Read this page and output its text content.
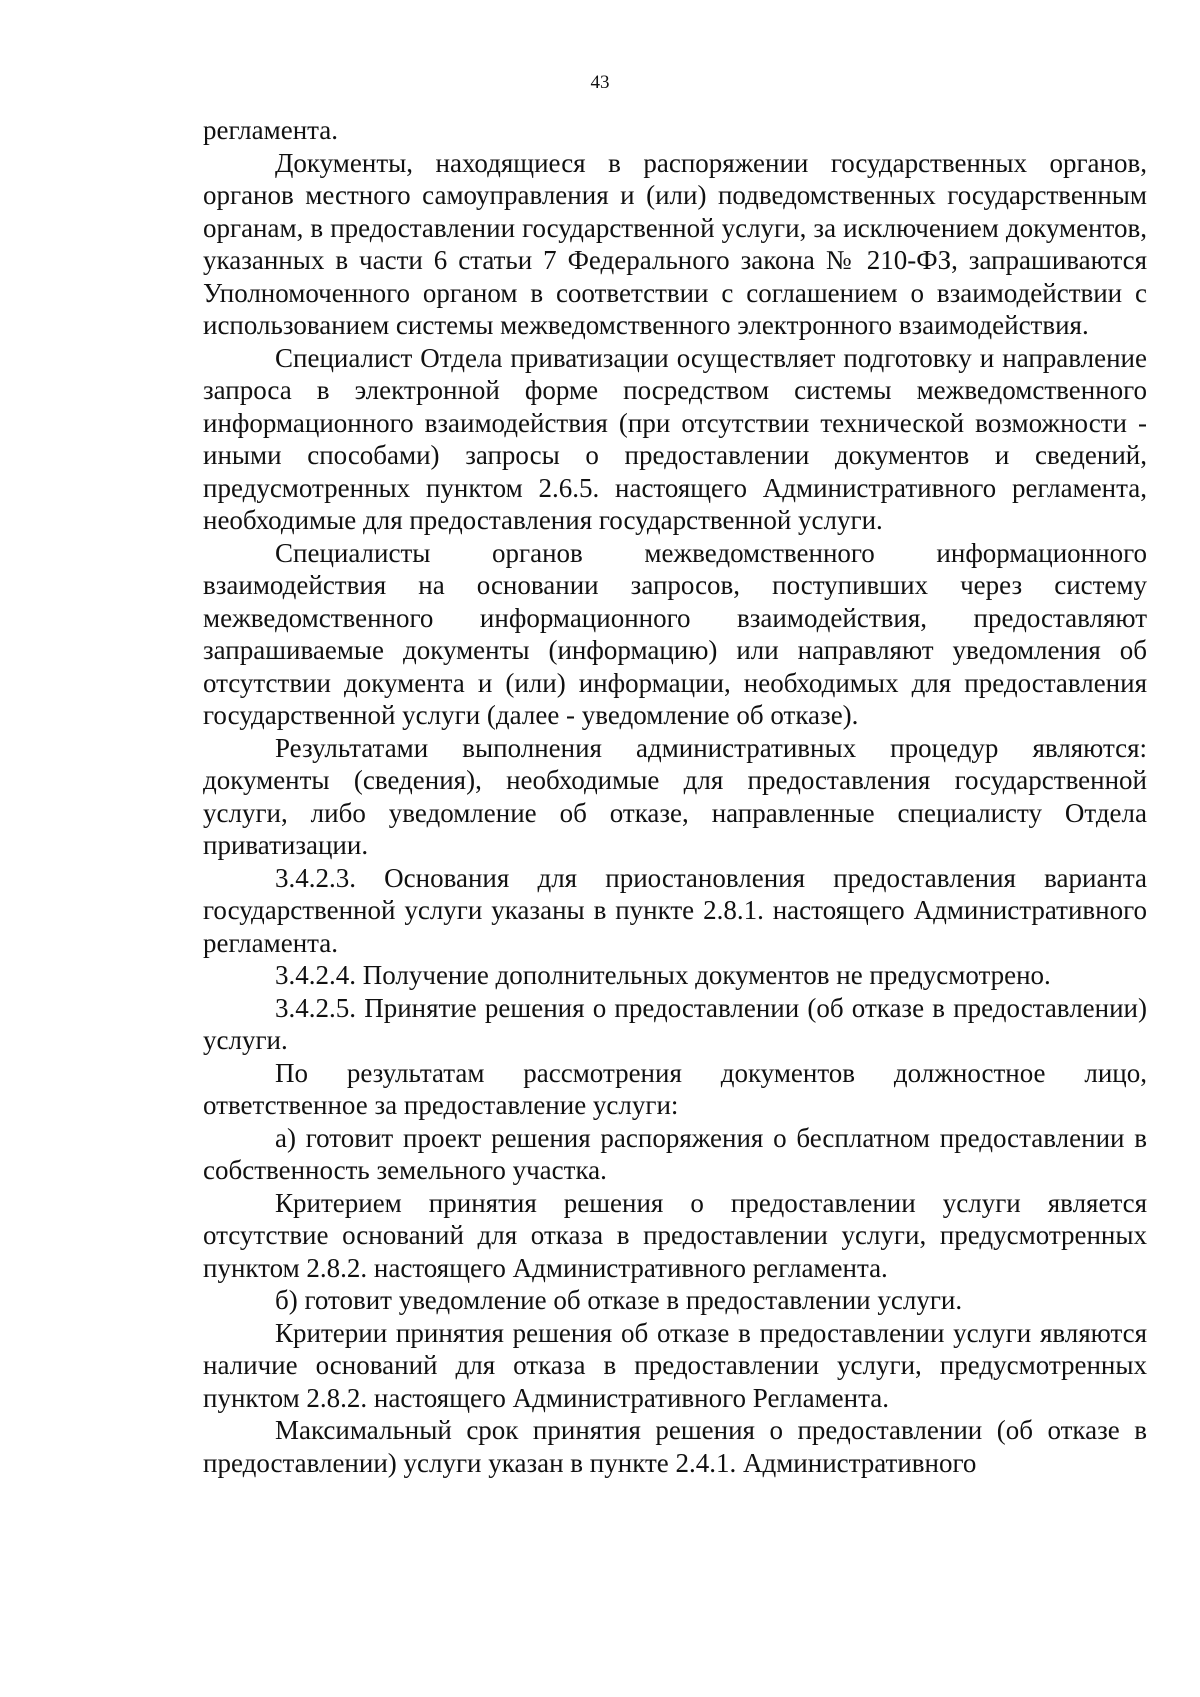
43

регламента.

Документы, находящиеся в распоряжении государственных органов, органов местного самоуправления и (или) подведомственных государственным органам, в предоставлении государственной услуги, за исключением документов, указанных в части 6 статьи 7 Федерального закона № 210-ФЗ, запрашиваются Уполномоченного органом в соответствии с соглашением о взаимодействии с использованием системы межведомственного электронного взаимодействия.

Специалист Отдела приватизации осуществляет подготовку и направление запроса в электронной форме посредством системы межведомственного информационного взаимодействия (при отсутствии технической возможности - иными способами) запросы о предоставлении документов и сведений, предусмотренных пунктом 2.6.5. настоящего Административного регламента, необходимые для предоставления государственной услуги.

Специалисты органов межведомственного информационного взаимодействия на основании запросов, поступивших через систему межведомственного информационного взаимодействия, предоставляют запрашиваемые документы (информацию) или направляют уведомления об отсутствии документа и (или) информации, необходимых для предоставления государственной услуги (далее - уведомление об отказе).

Результатами выполнения административных процедур являются: документы (сведения), необходимые для предоставления государственной услуги, либо уведомление об отказе, направленные специалисту Отдела приватизации.

3.4.2.3. Основания для приостановления предоставления варианта государственной услуги указаны в пункте 2.8.1. настоящего Административного регламента.

3.4.2.4. Получение дополнительных документов не предусмотрено.

3.4.2.5. Принятие решения о предоставлении (об отказе в предоставлении) услуги.

По результатам рассмотрения документов должностное лицо, ответственное за предоставление услуги:

а) готовит проект решения распоряжения о бесплатном предоставлении в собственность земельного участка.

Критерием принятия решения о предоставлении услуги является отсутствие оснований для отказа в предоставлении услуги, предусмотренных пунктом 2.8.2. настоящего Административного регламента.

б) готовит уведомление об отказе в предоставлении услуги.

Критерии принятия решения об отказе в предоставлении услуги являются наличие оснований для отказа в предоставлении услуги, предусмотренных пунктом 2.8.2. настоящего Административного Регламента.

Максимальный срок принятия решения о предоставлении (об отказе в предоставлении) услуги указан в пункте 2.4.1. Административного
